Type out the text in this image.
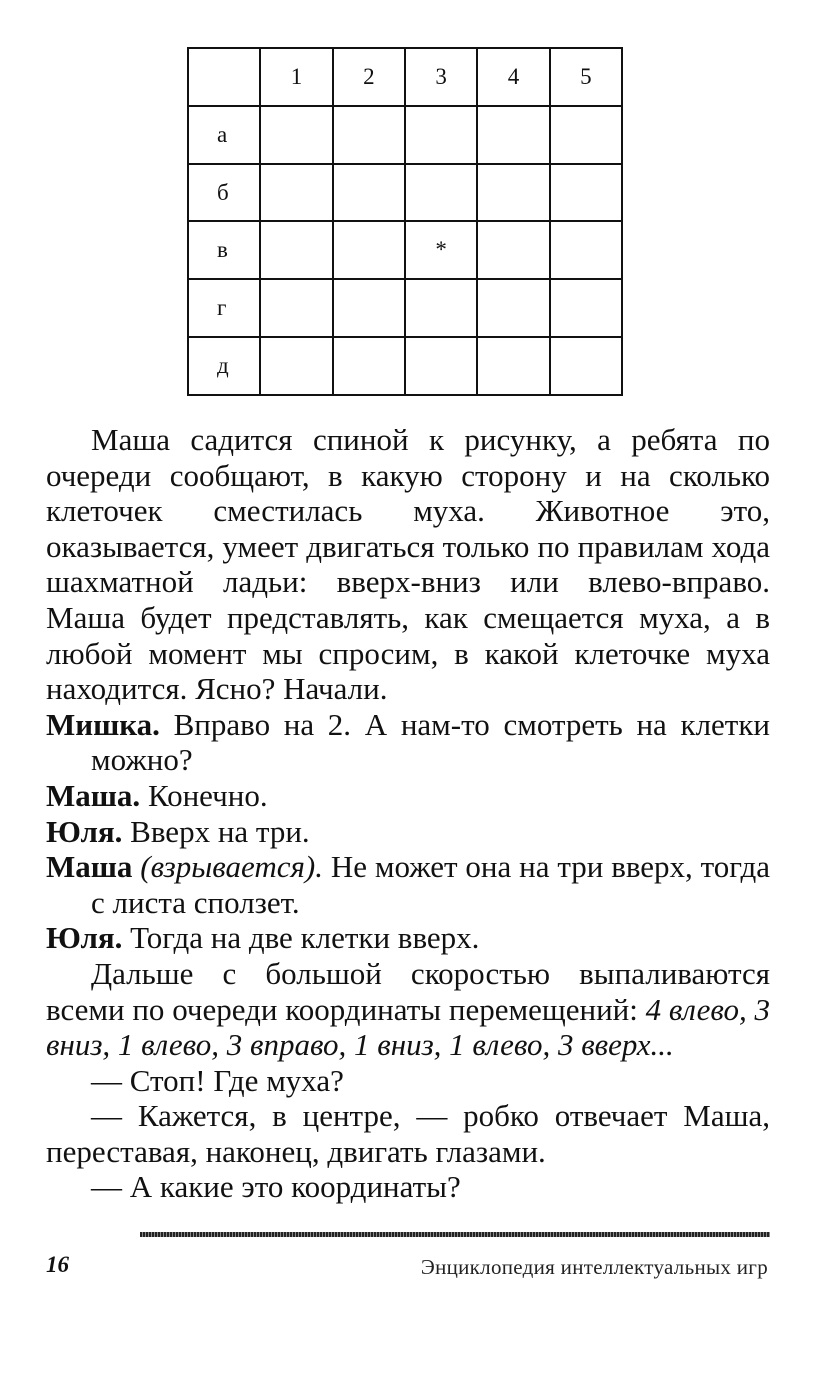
	1	2	3	4	5
а					
б					
в			*		
г					
д					

Маша садится спиной к рисунку, а ребята по очереди сообщают, в какую сторону и на сколько клеточек сместилась муха. Животное это, оказывается, умеет двигаться только по правилам хода шахматной ладьи: вверх-вниз или влево-вправо. Маша будет представлять, как смещается муха, а в любой момент мы спросим, в какой клеточке муха находится. Ясно? Начали.

Мишка. Вправо на 2. А нам-то смотреть на клетки можно?

Маша. Конечно.

Юля. Вверх на три.

Маша (взрывается). Не может она на три вверх, тогда с листа сползет.

Юля. Тогда на две клетки вверх.

Дальше с большой скоростью выпаливаются всеми по очереди координаты перемещений: 4 влево, 3 вниз, 1 влево, 3 вправо, 1 вниз, 1 влево, 3 вверх...

— Стоп! Где муха?

— Кажется, в центре, — робко отвечает Маша, переставая, наконец, двигать глазами.

— А какие это координаты?

16	Энциклопедия интеллектуальных игр
